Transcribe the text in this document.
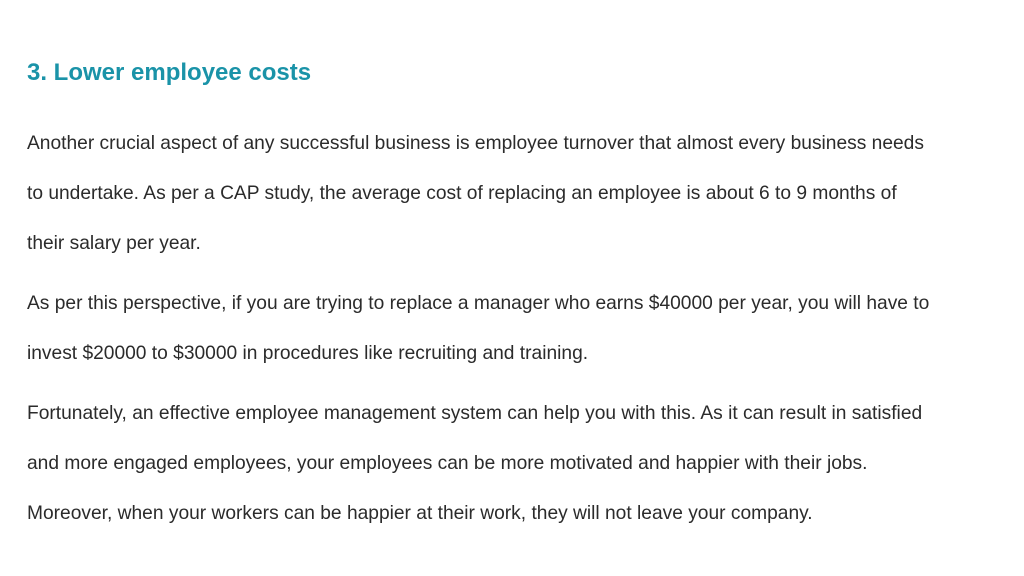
3. Lower employee costs

Another crucial aspect of any successful business is employee turnover that almost every business needs
to undertake. As per a CAP study, the average cost of replacing an employee is about 6 to 9 months of
their salary per year.

As per this perspective, if you are trying to replace a manager who earns $40000 per year, you will have to
invest $20000 to $30000 in procedures like recruiting and training.

Fortunately, an effective employee management system can help you with this. As it can result in satisfied
and more engaged employees, your employees can be more motivated and happier with their jobs.
Moreover, when your workers can be happier at their work, they will not leave your company.
